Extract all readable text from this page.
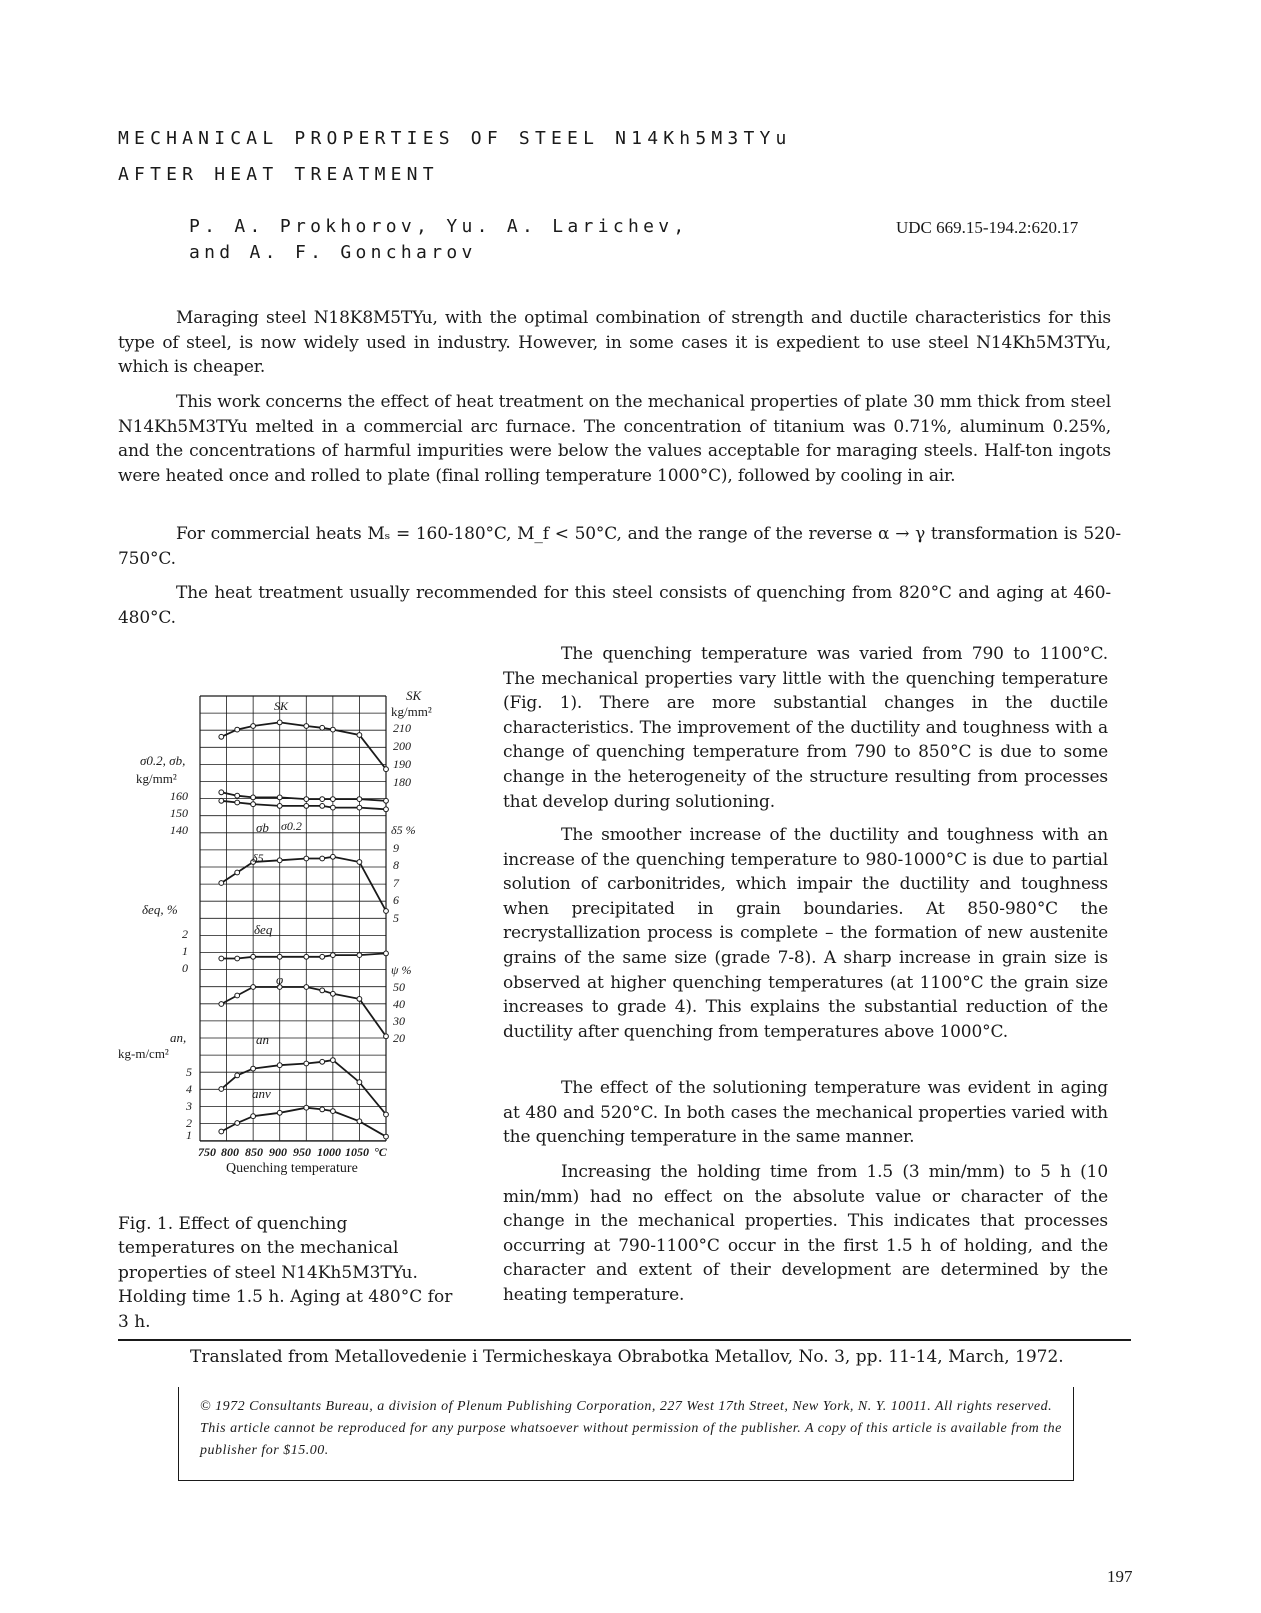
MECHANICAL PROPERTIES OF STEEL N14Kh5M3TYu
AFTER HEAT TREATMENT
P. A. Prokhorov, Yu. A. Larichev,
and A. F. Goncharov
UDC 669.15-194.2:620.17

Maraging steel N18K8M5TYu, with the optimal combination of strength and ductile characteristics for this type of steel, is now widely used in industry. However, in some cases it is expedient to use steel N14Kh5M3TYu, which is cheaper.

This work concerns the effect of heat treatment on the mechanical properties of plate 30 mm thick from steel N14Kh5M3TYu melted in a commercial arc furnace. The concentration of titanium was 0.71%, aluminum 0.25%, and the concentrations of harmful impurities were below the values acceptable for maraging steels. Half-ton ingots were heated once and rolled to plate (final rolling temperature 1000°C), followed by cooling in air.

For commercial heats Mₛ = 160-180°C, M_f < 50°C, and the range of the reverse α → γ transformation is 520-750°C.

The heat treatment usually recommended for this steel consists of quenching from 820°C and aging at 460-480°C.

The quenching temperature was varied from 790 to 1100°C. The mechanical properties vary little with the quenching temperature (Fig. 1). There are more substantial changes in the ductile characteristics. The improvement of the ductility and toughness with a change of quenching temperature from 790 to 850°C is due to some change in the heterogeneity of the structure resulting from processes that develop during solutioning.

The smoother increase of the ductility and toughness with an increase of the quenching temperature to 980-1000°C is due to partial solution of carbonitrides, which impair the ductility and toughness when precipitated in grain boundaries. At 850-980°C the recrystallization process is complete – the formation of new austenite grains of the same size (grade 7-8). A sharp increase in grain size is observed at higher quenching temperatures (at 1100°C the grain size increases to grade 4). This explains the substantial reduction of the ductility after quenching from temperatures above 1000°C.

The effect of the solutioning temperature was evident in aging at 480 and 520°C. In both cases the mechanical properties varied with the quenching temperature in the same manner.

Increasing the holding time from 1.5 (3 min/mm) to 5 h (10 min/mm) had no effect on the absolute value or character of the change in the mechanical properties. This indicates that processes occurring at 790-1100°C occur in the first 1.5 h of holding, and the character and extent of their development are determined by the heating temperature.

SK
kg/mm²
210
200
190
180
δ5 %
9
8
7
6
5
ψ %
50
40
30
20
σ0.2, σb,
kg/mm²
160
150
140
δeq, %
2
1
0
an,
kg-m/cm²
5
4
3
2
1
SK
σb σ0.2
δ5
δeq
φ
an
anv
750 800 850 900 950 1000 1050 °C
Quenching temperature

Fig. 1. Effect of quenching temperatures on the mechanical properties of steel N14Kh5M3TYu. Holding time 1.5 h. Aging at 480°C for 3 h.

Translated from Metallovedenie i Termicheskaya Obrabotka Metallov, No. 3, pp. 11-14, March, 1972.

© 1972 Consultants Bureau, a division of Plenum Publishing Corporation, 227 West 17th Street, New York, N. Y. 10011. All rights reserved. This article cannot be reproduced for any purpose whatsoever without permission of the publisher. A copy of this article is available from the publisher for $15.00.

197
